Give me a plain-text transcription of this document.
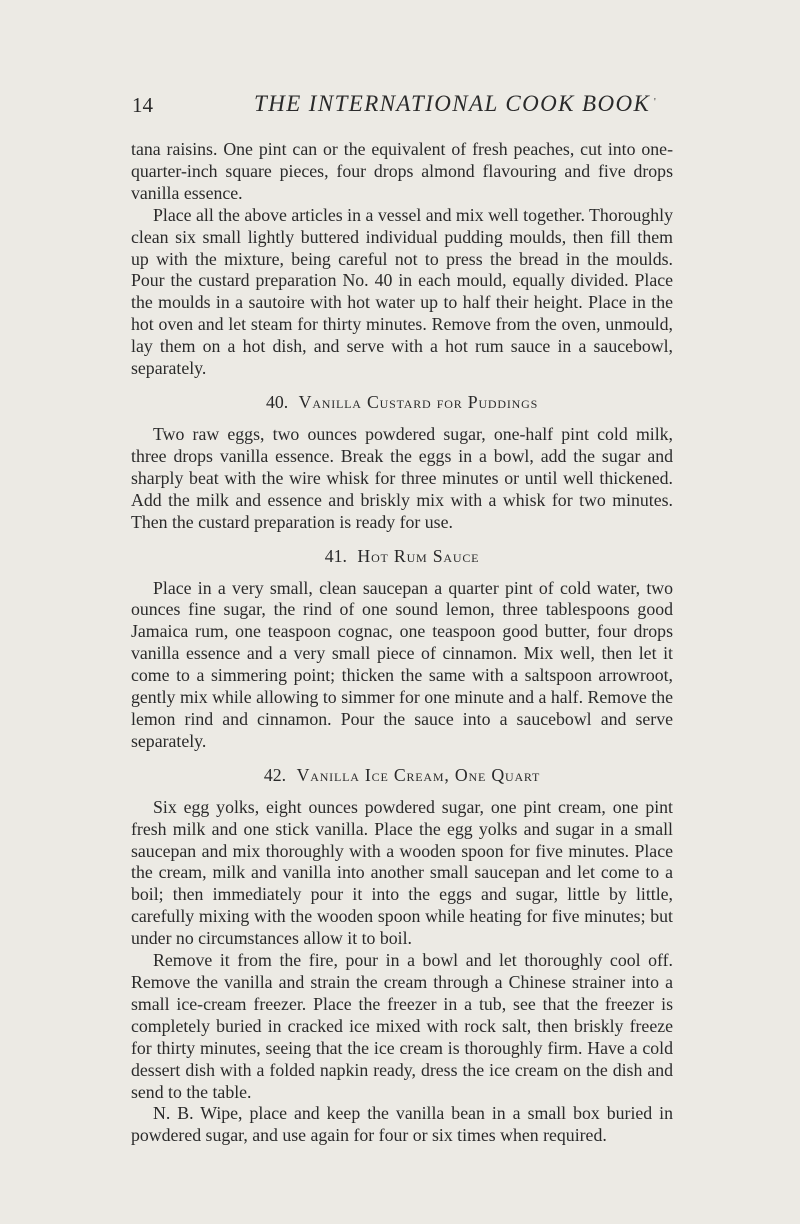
14	THE INTERNATIONAL COOK BOOK '

tana raisins. One pint can or the equivalent of fresh peaches, cut into one-quarter-inch square pieces, four drops almond flavouring and five drops vanilla essence.

Place all the above articles in a vessel and mix well together. Thoroughly clean six small lightly buttered individual pudding moulds, then fill them up with the mixture, being careful not to press the bread in the moulds. Pour the custard preparation No. 40 in each mould, equally divided. Place the moulds in a sautoire with hot water up to half their height. Place in the hot oven and let steam for thirty minutes. Remove from the oven, unmould, lay them on a hot dish, and serve with a hot rum sauce in a saucebowl, separately.

40. Vanilla Custard for Puddings

Two raw eggs, two ounces powdered sugar, one-half pint cold milk, three drops vanilla essence. Break the eggs in a bowl, add the sugar and sharply beat with the wire whisk for three minutes or until well thickened. Add the milk and essence and briskly mix with a whisk for two minutes. Then the custard preparation is ready for use.

41. Hot Rum Sauce

Place in a very small, clean saucepan a quarter pint of cold water, two ounces fine sugar, the rind of one sound lemon, three tablespoons good Jamaica rum, one teaspoon cognac, one teaspoon good butter, four drops vanilla essence and a very small piece of cinnamon. Mix well, then let it come to a simmering point; thicken the same with a saltspoon arrowroot, gently mix while allowing to simmer for one minute and a half. Remove the lemon rind and cinnamon. Pour the sauce into a saucebowl and serve separately.

42. Vanilla Ice Cream, One Quart

Six egg yolks, eight ounces powdered sugar, one pint cream, one pint fresh milk and one stick vanilla. Place the egg yolks and sugar in a small saucepan and mix thoroughly with a wooden spoon for five minutes. Place the cream, milk and vanilla into another small saucepan and let come to a boil; then immediately pour it into the eggs and sugar, little by little, carefully mixing with the wooden spoon while heating for five minutes; but under no circumstances allow it to boil.

Remove it from the fire, pour in a bowl and let thoroughly cool off. Remove the vanilla and strain the cream through a Chinese strainer into a small ice-cream freezer. Place the freezer in a tub, see that the freezer is completely buried in cracked ice mixed with rock salt, then briskly freeze for thirty minutes, seeing that the ice cream is thoroughly firm. Have a cold dessert dish with a folded napkin ready, dress the ice cream on the dish and send to the table.

N. B. Wipe, place and keep the vanilla bean in a small box buried in powdered sugar, and use again for four or six times when required.
